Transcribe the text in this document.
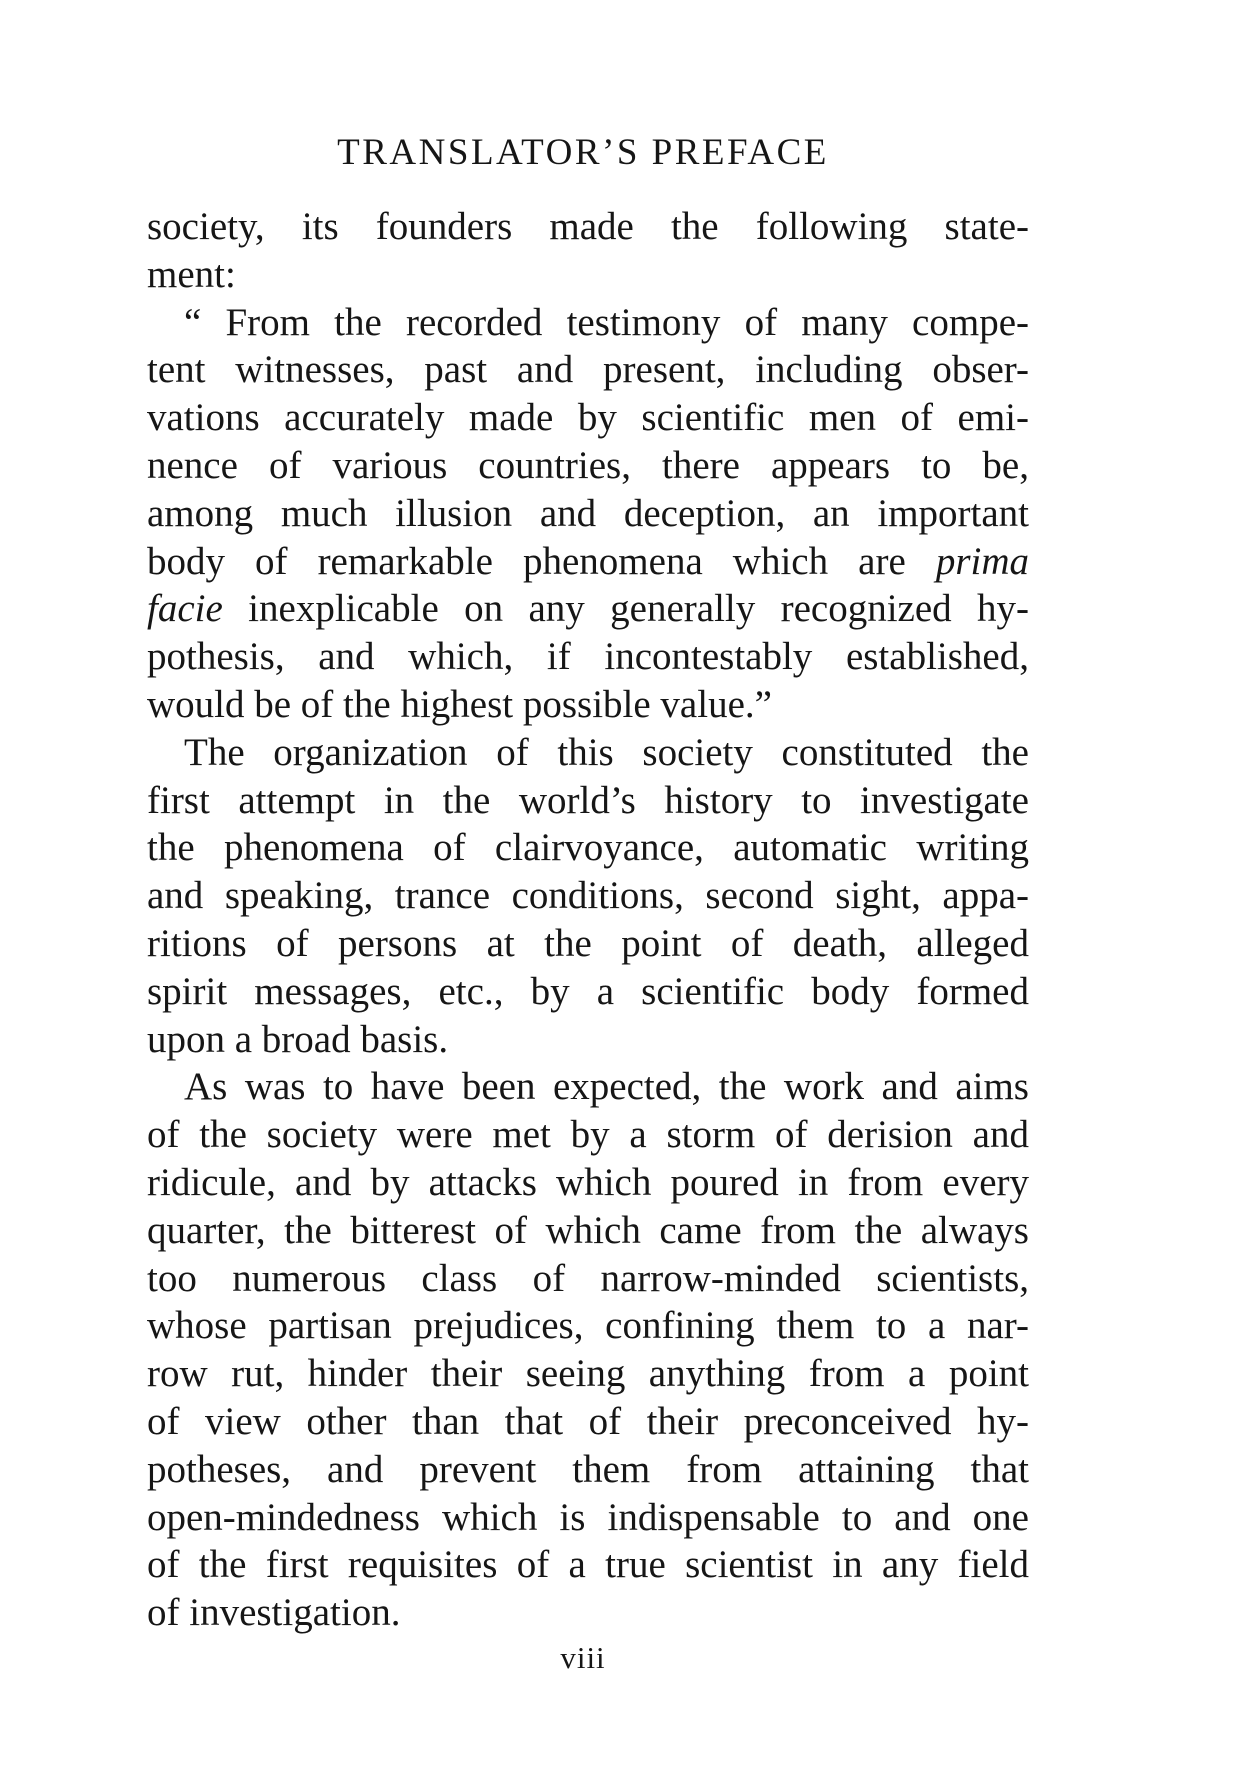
TRANSLATOR’S PREFACE
society, its founders made the following state-
ment:
“ From the recorded testimony of many compe-
tent witnesses, past and present, including obser-
vations accurately made by scientific men of emi-
nence of various countries, there appears to be,
among much illusion and deception, an important
body of remarkable phenomena which are prima
facie inexplicable on any generally recognized hy-
pothesis, and which, if incontestably established,
would be of the highest possible value.”
The organization of this society constituted the
first attempt in the world’s history to investigate
the phenomena of clairvoyance, automatic writing
and speaking, trance conditions, second sight, appa-
ritions of persons at the point of death, alleged
spirit messages, etc., by a scientific body formed
upon a broad basis.
As was to have been expected, the work and aims
of the society were met by a storm of derision and
ridicule, and by attacks which poured in from every
quarter, the bitterest of which came from the always
too numerous class of narrow-minded scientists,
whose partisan prejudices, confining them to a nar-
row rut, hinder their seeing anything from a point
of view other than that of their preconceived hy-
potheses, and prevent them from attaining that
open-mindedness which is indispensable to and one
of the first requisites of a true scientist in any field
of investigation.
viii
